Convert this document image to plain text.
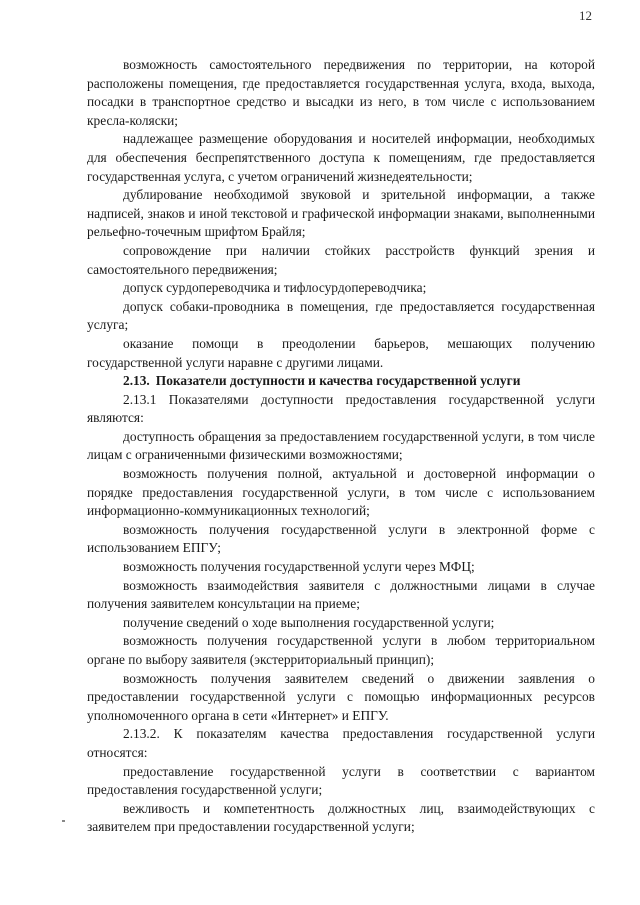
12

возможность самостоятельного передвижения по территории, на которой расположены помещения, где предоставляется государственная услуга, входа, выхода, посадки в транспортное средство и высадки из него, в том числе с использованием кресла-коляски;

надлежащее размещение оборудования и носителей информации, необходимых для обеспечения беспрепятственного доступа к помещениям, где предоставляется государственная услуга, с учетом ограничений жизнедеятельности;

дублирование необходимой звуковой и зрительной информации, а также надписей, знаков и иной текстовой и графической информации знаками, выполненными рельефно-точечным шрифтом Брайля;

сопровождение при наличии стойких расстройств функций зрения и самостоятельного передвижения;

допуск сурдопереводчика и тифлосурдопереводчика;

допуск собаки-проводника в помещения, где предоставляется государственная услуга;

оказание помощи в преодолении барьеров, мешающих получению государственной услуги наравне с другими лицами.

2.13. Показатели доступности и качества государственной услуги

2.13.1 Показателями доступности предоставления государственной услуги являются:

доступность обращения за предоставлением государственной услуги, в том числе лицам с ограниченными физическими возможностями;

возможность получения полной, актуальной и достоверной информации о порядке предоставления государственной услуги, в том числе с использованием информационно-коммуникационных технологий;

возможность получения государственной услуги в электронной форме с использованием ЕПГУ;

возможность получения государственной услуги через МФЦ;

возможность взаимодействия заявителя с должностными лицами в случае получения заявителем консультации на приеме;

получение сведений о ходе выполнения государственной услуги;

возможность получения государственной услуги в любом территориальном органе по выбору заявителя (экстерриториальный принцип);

возможность получения заявителем сведений о движении заявления о предоставлении государственной услуги с помощью информационных ресурсов уполномоченного органа в сети «Интернет» и ЕПГУ.

2.13.2. К показателям качества предоставления государственной услуги относятся:

предоставление государственной услуги в соответствии с вариантом предоставления государственной услуги;

вежливость и компетентность должностных лиц, взаимодействующих с заявителем при предоставлении государственной услуги;
